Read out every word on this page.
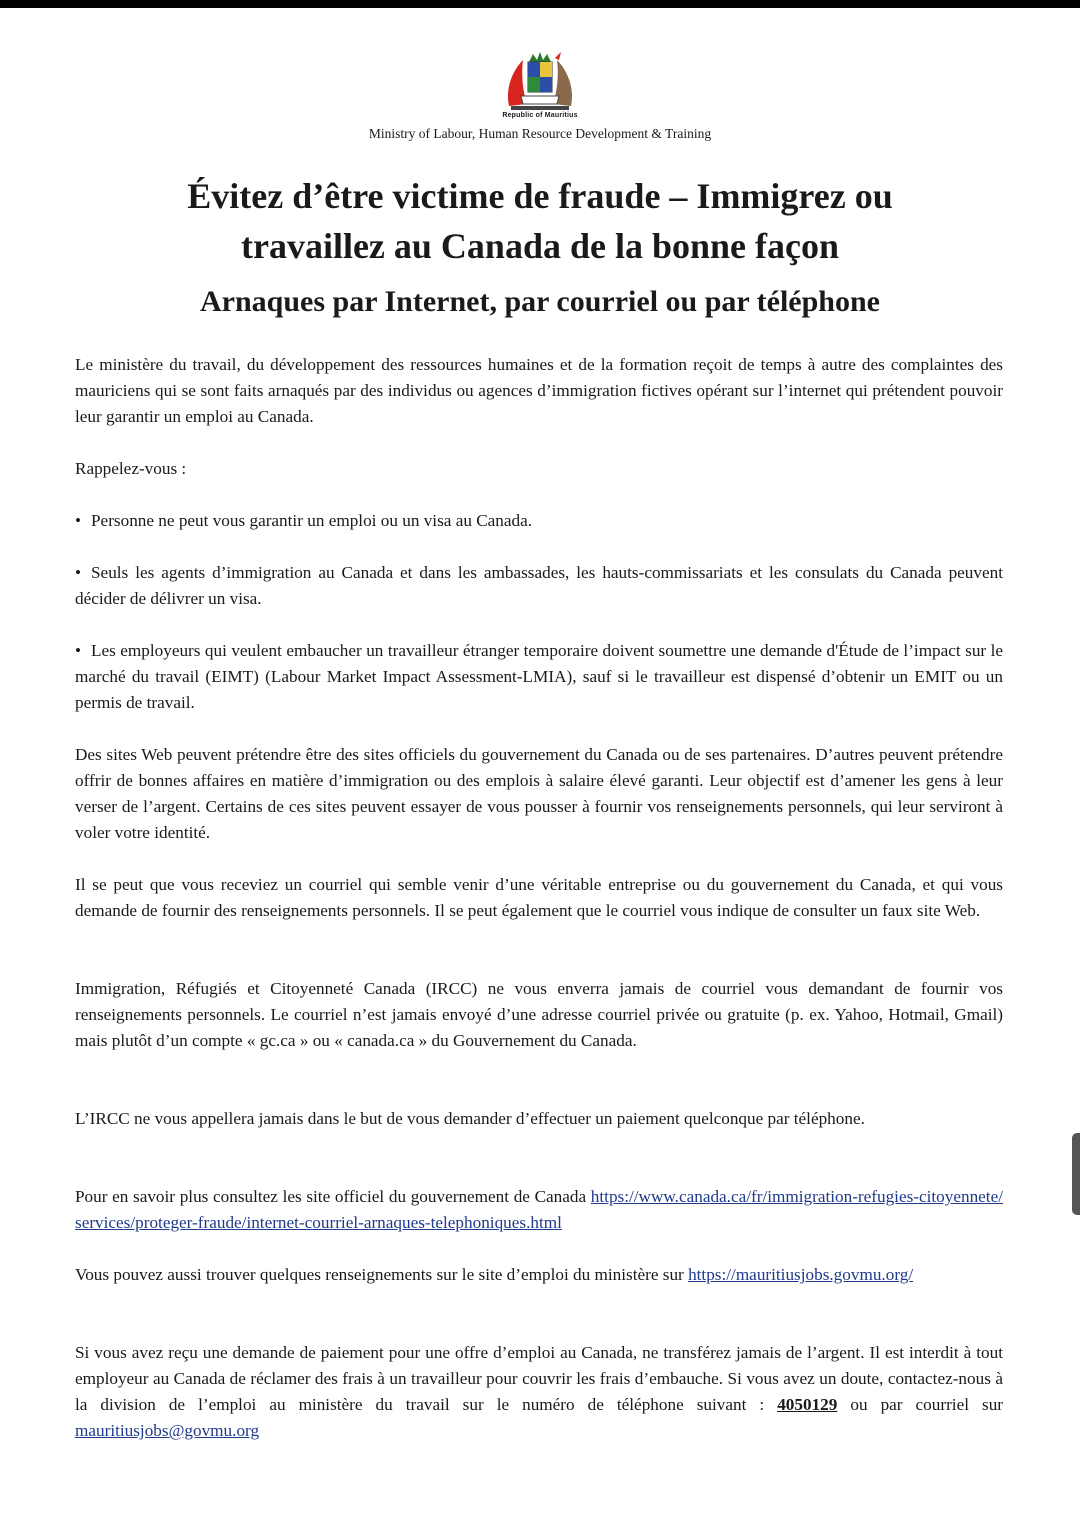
Republic of Mauritius
Ministry of Labour, Human Resource Development & Training
Évitez d’être victime de fraude – Immigrez ou
travaillez au Canada de la bonne façon
Arnaques par Internet, par courriel ou par téléphone

Le ministère du travail, du développement des ressources humaines et de la formation reçoit de temps à autre des complaintes des mauriciens qui se sont faits arnaqués par des individus ou agences d’immigration fictives opérant sur l’internet qui prétendent pouvoir leur garantir un emploi au Canada.

Rappelez-vous :

• Personne ne peut vous garantir un emploi ou un visa au Canada.

• Seuls les agents d’immigration au Canada et dans les ambassades, les hauts-commissariats et les consulats du Canada peuvent décider de délivrer un visa.

• Les employeurs qui veulent embaucher un travailleur étranger temporaire doivent soumettre une demande d'Étude de l’impact sur le marché du travail (EIMT) (Labour Market Impact Assessment-LMIA), sauf si le travailleur est dispensé d’obtenir un EMIT ou un permis de travail.

Des sites Web peuvent prétendre être des sites officiels du gouvernement du Canada ou de ses partenaires. D’autres peuvent prétendre offrir de bonnes affaires en matière d’immigration ou des emplois à salaire élevé garanti. Leur objectif est d’amener les gens à leur verser de l’argent. Certains de ces sites peuvent essayer de vous pousser à fournir vos renseignements personnels, qui leur serviront à voler votre identité.

Il se peut que vous receviez un courriel qui semble venir d’une véritable entreprise ou du gouvernement du Canada, et qui vous demande de fournir des renseignements personnels. Il se peut également que le courriel vous indique de consulter un faux site Web.

Immigration, Réfugiés et Citoyenneté Canada (IRCC) ne vous enverra jamais de courriel vous demandant de fournir vos renseignements personnels. Le courriel n’est jamais envoyé d’une adresse courriel privée ou gratuite (p. ex. Yahoo, Hotmail, Gmail) mais plutôt d’un compte « gc.ca » ou « canada.ca » du Gouvernement du Canada.

L’IRCC ne vous appellera jamais dans le but de vous demander d’effectuer un paiement quelconque par téléphone.

Pour en savoir plus consultez les site officiel du gouvernement de Canada https://www.canada.ca/fr/immigration-refugies-citoyennete/services/proteger-fraude/internet-courriel-arnaques-telephoniques.html

Vous pouvez aussi trouver quelques renseignements sur le site d’emploi du ministère sur https://mauritiusjobs.govmu.org/

Si vous avez reçu une demande de paiement pour une offre d’emploi au Canada, ne transférez jamais de l’argent. Il est interdit à tout employeur au Canada de réclamer des frais à un travailleur pour couvrir les frais d’embauche. Si vous avez un doute, contactez-nous à la division de l’emploi au ministère du travail sur le numéro de téléphone suivant : 4050129 ou par courriel sur mauritiusjobs@govmu.org
